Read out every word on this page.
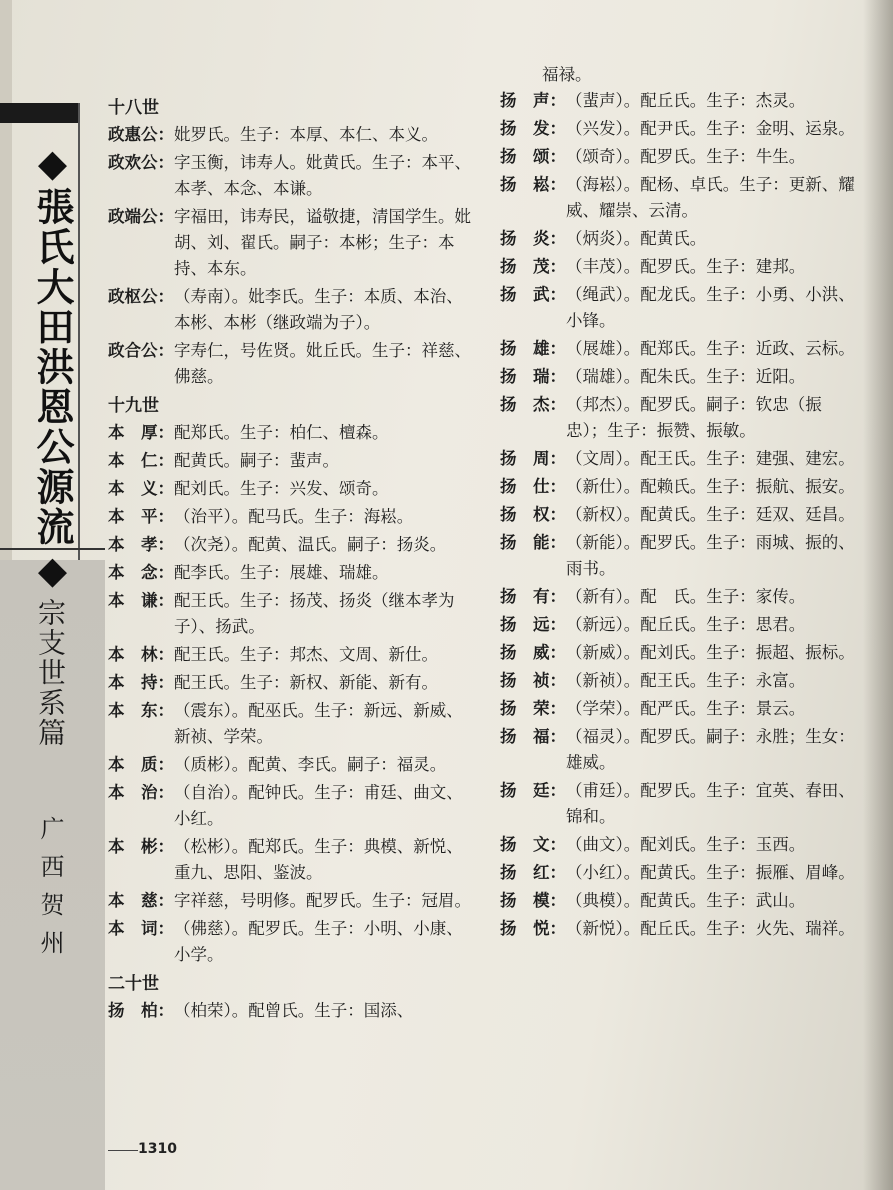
◆張氏大田洪恩公源流◆
宗支世系篇
广西贺州
十八世
政惠公： 妣罗氏。生子：本厚、本仁、本义。
政欢公： 字玉衡，讳寿人。妣黄氏。生子：本平、本孝、本念、本谦。
政端公： 字福田，讳寿民，谥敬捷，清国学生。妣胡、刘、翟氏。嗣子：本彬；生子：本持、本东。
政枢公： （寿南）。妣李氏。生子：本质、本治、本彬、本彬（继政端为子）。
政合公： 字寿仁，号佐贤。妣丘氏。生子：祥慈、佛慈。
十九世
本　厚： 配郑氏。生子：柏仁、檀森。
本　仁： 配黄氏。嗣子：蜚声。
本　义： 配刘氏。生子：兴发、颂奇。
本　平： （治平）。配马氏。生子：海崧。
本　孝： （次尧）。配黄、温氏。嗣子：扬炎。
本　念： 配李氏。生子：展雄、瑞雄。
本　谦： 配王氏。生子：扬茂、扬炎（继本孝为子）、扬武。
本　林： 配王氏。生子：邦杰、文周、新仕。
本　持： 配王氏。生子：新权、新能、新有。
本　东： （震东）。配巫氏。生子：新远、新威、新祯、学荣。
本　质： （质彬）。配黄、李氏。嗣子：福灵。
本　治： （自治）。配钟氏。生子：甫廷、曲文、小红。
本　彬： （松彬）。配郑氏。生子：典模、新悦、重九、思阳、鉴波。
本　慈： 字祥慈，号明修。配罗氏。生子：冠眉。
本　词： （佛慈）。配罗氏。生子：小明、小康、小学。
二十世
扬　柏： （柏荣）。配曾氏。生子：国添、
福禄。
扬　声： （蜚声）。配丘氏。生子：杰灵。
扬　发： （兴发）。配尹氏。生子：金明、运泉。
扬　颂： （颂奇）。配罗氏。生子：牛生。
扬　崧： （海崧）。配杨、卓氏。生子：更新、耀威、耀崇、云清。
扬　炎： （炳炎）。配黄氏。
扬　茂： （丰茂）。配罗氏。生子：建邦。
扬　武： （绳武）。配龙氏。生子：小勇、小洪、小锋。
扬　雄： （展雄）。配郑氏。生子：近政、云标。
扬　瑞： （瑞雄）。配朱氏。生子：近阳。
扬　杰： （邦杰）。配罗氏。嗣子：钦忠（振忠）；生子：振赞、振敏。
扬　周： （文周）。配王氏。生子：建强、建宏。
扬　仕： （新仕）。配赖氏。生子：振航、振安。
扬　权： （新权）。配黄氏。生子：廷双、廷昌。
扬　能： （新能）。配罗氏。生子：雨城、振的、雨书。
扬　有： （新有）。配　氏。生子：家传。
扬　远： （新远）。配丘氏。生子：思君。
扬　威： （新威）。配刘氏。生子：振超、振标。
扬　祯： （新祯）。配王氏。生子：永富。
扬　荣： （学荣）。配严氏。生子：景云。
扬　福： （福灵）。配罗氏。嗣子：永胜；生女：雄威。
扬　廷： （甫廷）。配罗氏。生子：宜英、春田、锦和。
扬　文： （曲文）。配刘氏。生子：玉西。
扬　红： （小红）。配黄氏。生子：振雁、眉峰。
扬　模： （典模）。配黄氏。生子：武山。
扬　悦： （新悦）。配丘氏。生子：火先、瑞祥。
1310
